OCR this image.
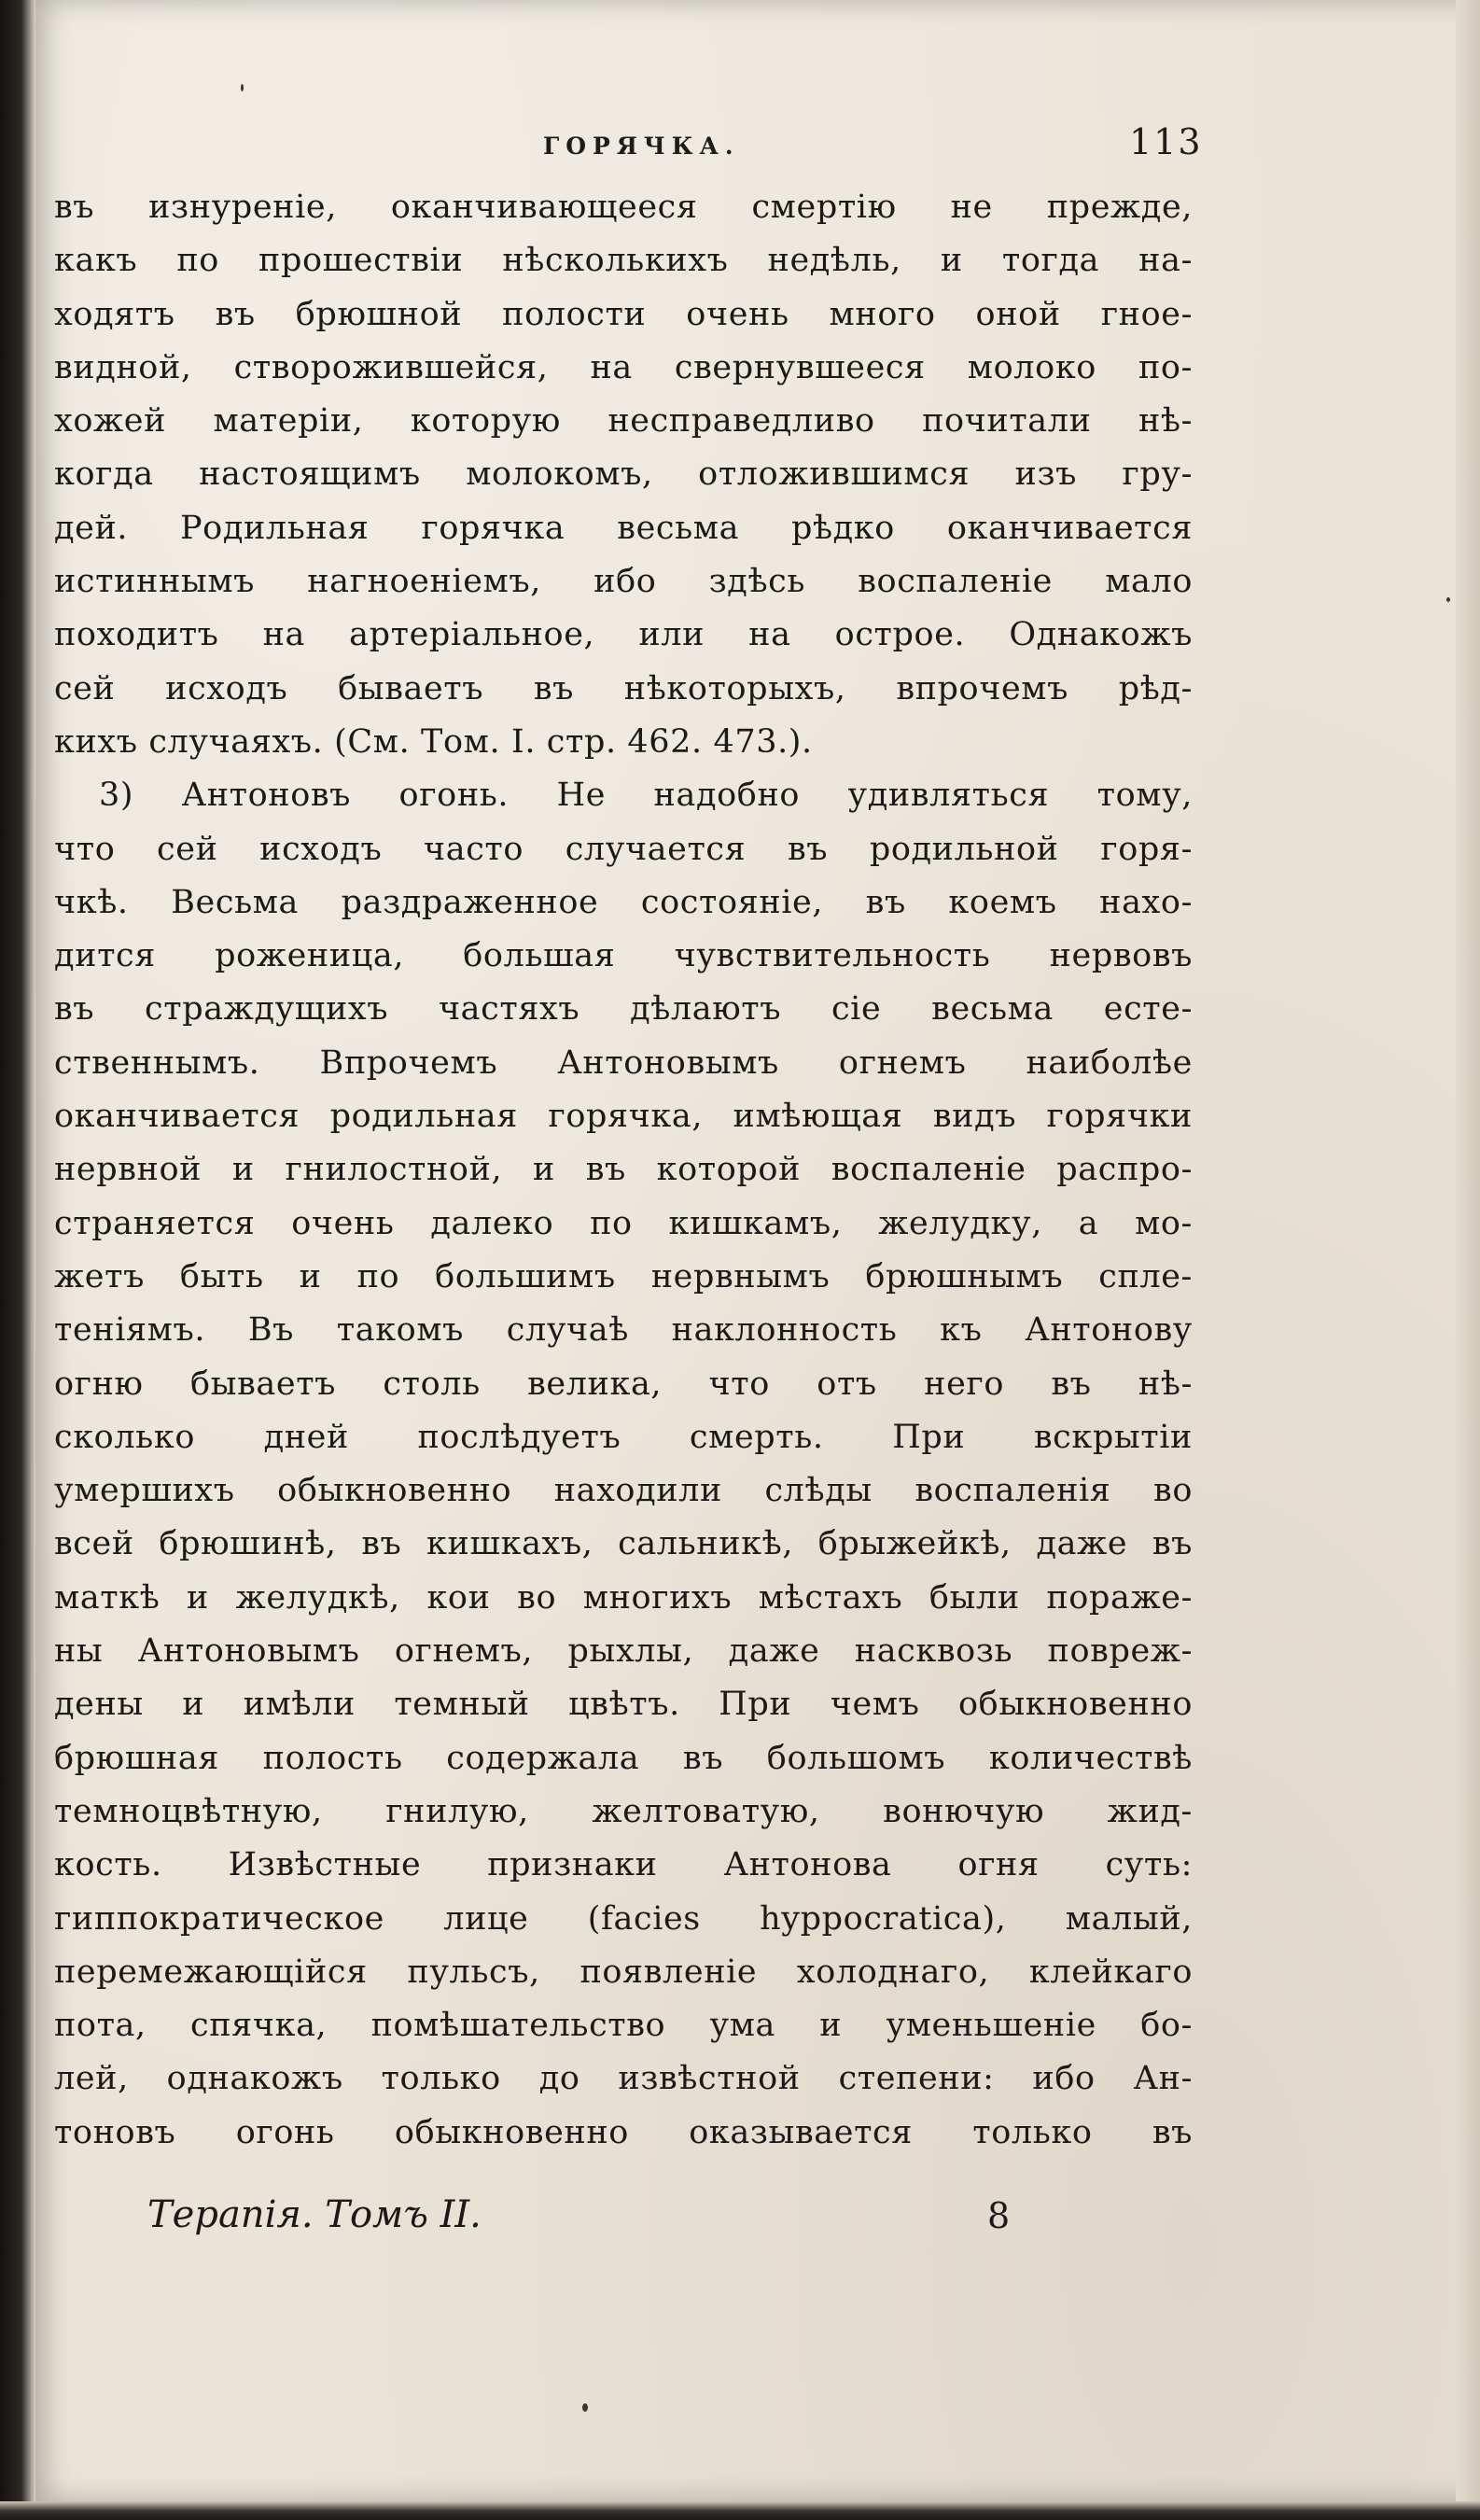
ГОРЯЧКА.	113
въ изнуреніе, оканчивающееся смертію не прежде,
какъ по прошествіи нѣсколькихъ недѣль, и тогда на-
ходятъ въ брюшной полости очень много оной гное-
видной, створожившейся, на свернувшееся молоко по-
хожей матеріи, которую несправедливо почитали нѣ-
когда настоящимъ молокомъ, отложившимся изъ гру-
дей. Родильная горячка весьма рѣдко оканчивается
истиннымъ нагноеніемъ, ибо здѣсь воспаленіе мало
походитъ на артеріальное, или на острое. Однакожъ
сей исходъ бываетъ въ нѣкоторыхъ, впрочемъ рѣд-
кихъ случаяхъ. (См. Том. I. стр. 462. 473.).
3) Антоновъ огонь. Не надобно удивляться тому,
что сей исходъ часто случается въ родильной горя-
чкѣ. Весьма раздраженное состояніе, въ коемъ нахо-
дится роженица, большая чувствительность нервовъ
въ страждущихъ частяхъ дѣлаютъ сіе весьма есте-
ственнымъ. Впрочемъ Антоновымъ огнемъ наиболѣе
оканчивается родильная горячка, имѣющая видъ горячки
нервной и гнилостной, и въ которой воспаленіе распро-
страняется очень далеко по кишкамъ, желудку, а мо-
жетъ быть и по большимъ нервнымъ брюшнымъ спле-
теніямъ. Въ такомъ случаѣ наклонность къ Антонову
огню бываетъ столь велика, что отъ него въ нѣ-
сколько дней послѣдуетъ смерть. При вскрытіи
умершихъ обыкновенно находили слѣды воспаленія во
всей брюшинѣ, въ кишкахъ, сальникѣ, брыжейкѣ, даже въ
маткѣ и желудкѣ, кои во многихъ мѣстахъ были пораже-
ны Антоновымъ огнемъ, рыхлы, даже насквозь повреж-
дены и имѣли темный цвѣтъ. При чемъ обыкновенно
брюшная полость содержала въ большомъ количествѣ
темноцвѣтную, гнилую, желтоватую, вонючую жид-
кость. Извѣстные признаки Антонова огня суть:
гиппократическое лице (facies hyppocratica), малый,
перемежающійся пульсъ, появленіе холоднаго, клейкаго
пота, спячка, помѣшательство ума и уменьшеніе бо-
лей, однакожъ только до извѣстной степени: ибо Ан-
тоновъ огонь обыкновенно оказывается только въ
Терапія. Томъ II.	8
